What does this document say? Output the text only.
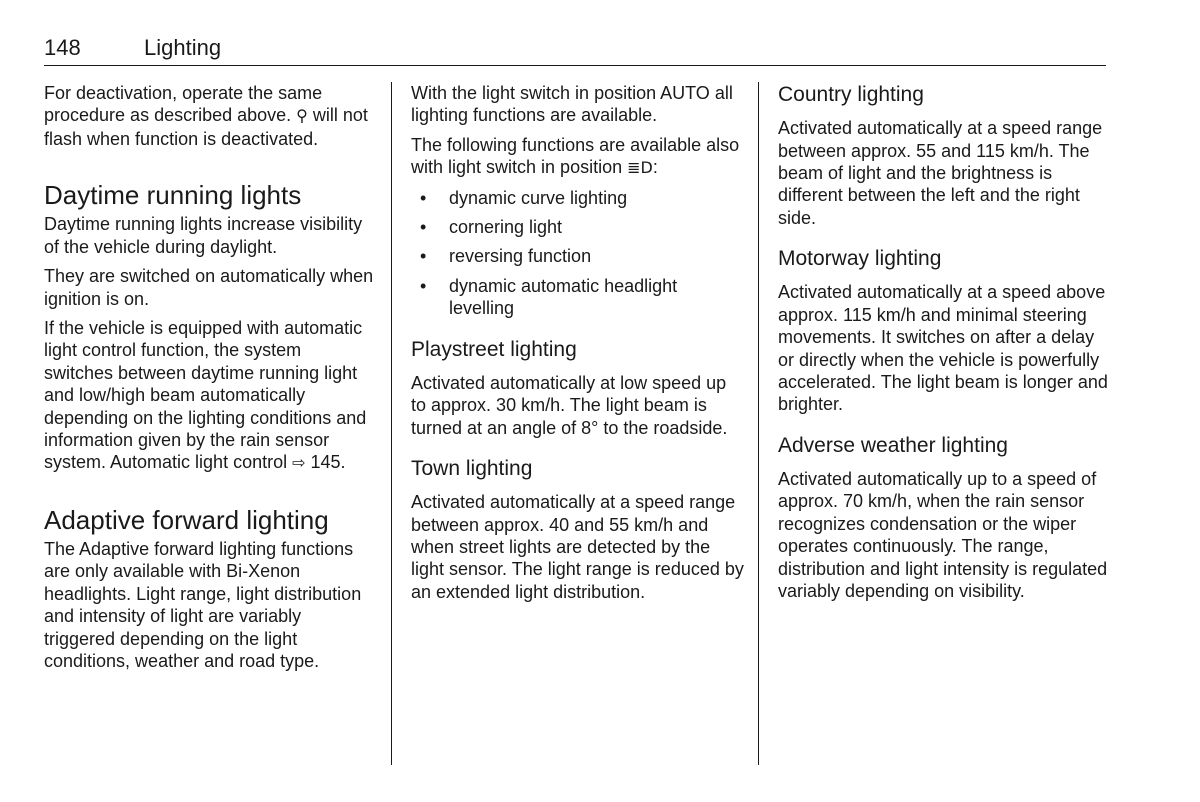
148	Lighting

For deactivation, operate the same procedure as described above. ⚲ will not flash when function is deactivated.

Daytime running lights

Daytime running lights increase visibility of the vehicle during daylight.

They are switched on automatically when ignition is on.

If the vehicle is equipped with automatic light control function, the system switches between daytime running light and low/high beam automatically depending on the lighting conditions and information given by the rain sensor system. Automatic light control ⇨ 145.

Adaptive forward lighting

The Adaptive forward lighting functions are only available with Bi-Xenon headlights. Light range, light distribution and intensity of light are variably triggered depending on the light conditions, weather and road type.

With the light switch in position AUTO all lighting functions are available.

The following functions are available also with light switch in position ≣D:

• dynamic curve lighting
• cornering light
• reversing function
• dynamic automatic headlight levelling
Playstreet lighting

Activated automatically at low speed up to approx. 30 km/h. The light beam is turned at an angle of 8° to the roadside.

Town lighting

Activated automatically at a speed range between approx. 40 and 55 km/h and when street lights are detected by the light sensor. The light range is reduced by an extended light distribution.

Country lighting

Activated automatically at a speed range between approx. 55 and 115 km/h. The beam of light and the brightness is different between the left and the right side.

Motorway lighting

Activated automatically at a speed above approx. 115 km/h and minimal steering movements. It switches on after a delay or directly when the vehicle is powerfully accelerated. The light beam is longer and brighter.

Adverse weather lighting

Activated automatically up to a speed of approx. 70 km/h, when the rain sensor recognizes condensation or the wiper operates continuously. The range, distribution and light intensity is regulated variably depending on visibility.
